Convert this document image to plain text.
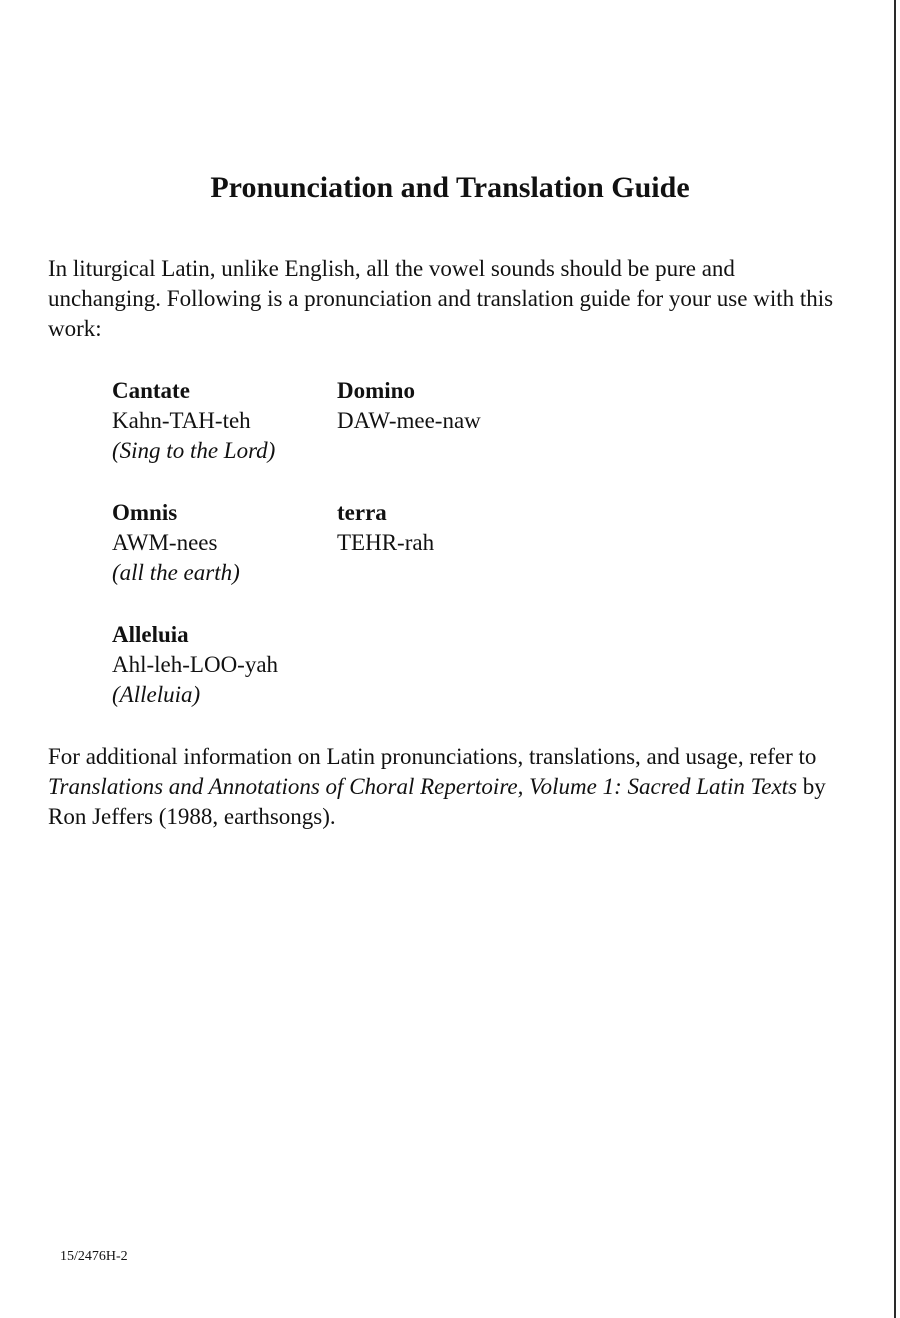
Pronunciation and Translation Guide

In liturgical Latin, unlike English, all the vowel sounds should be pure and unchanging. Following is a pronunciation and translation guide for your use with this work:

Cantate
Kahn-TAH-teh
(Sing to the Lord)
Domino
DAW-mee-naw
Omnis
AWM-nees
(all the earth)
terra
TEHR-rah
Alleluia
Ahl-leh-LOO-yah
(Alleluia)

For additional information on Latin pronunciations, translations, and usage, refer to Translations and Annotations of Choral Repertoire, Volume 1: Sacred Latin Texts by Ron Jeffers (1988, earthsongs).

15/2476H-2
